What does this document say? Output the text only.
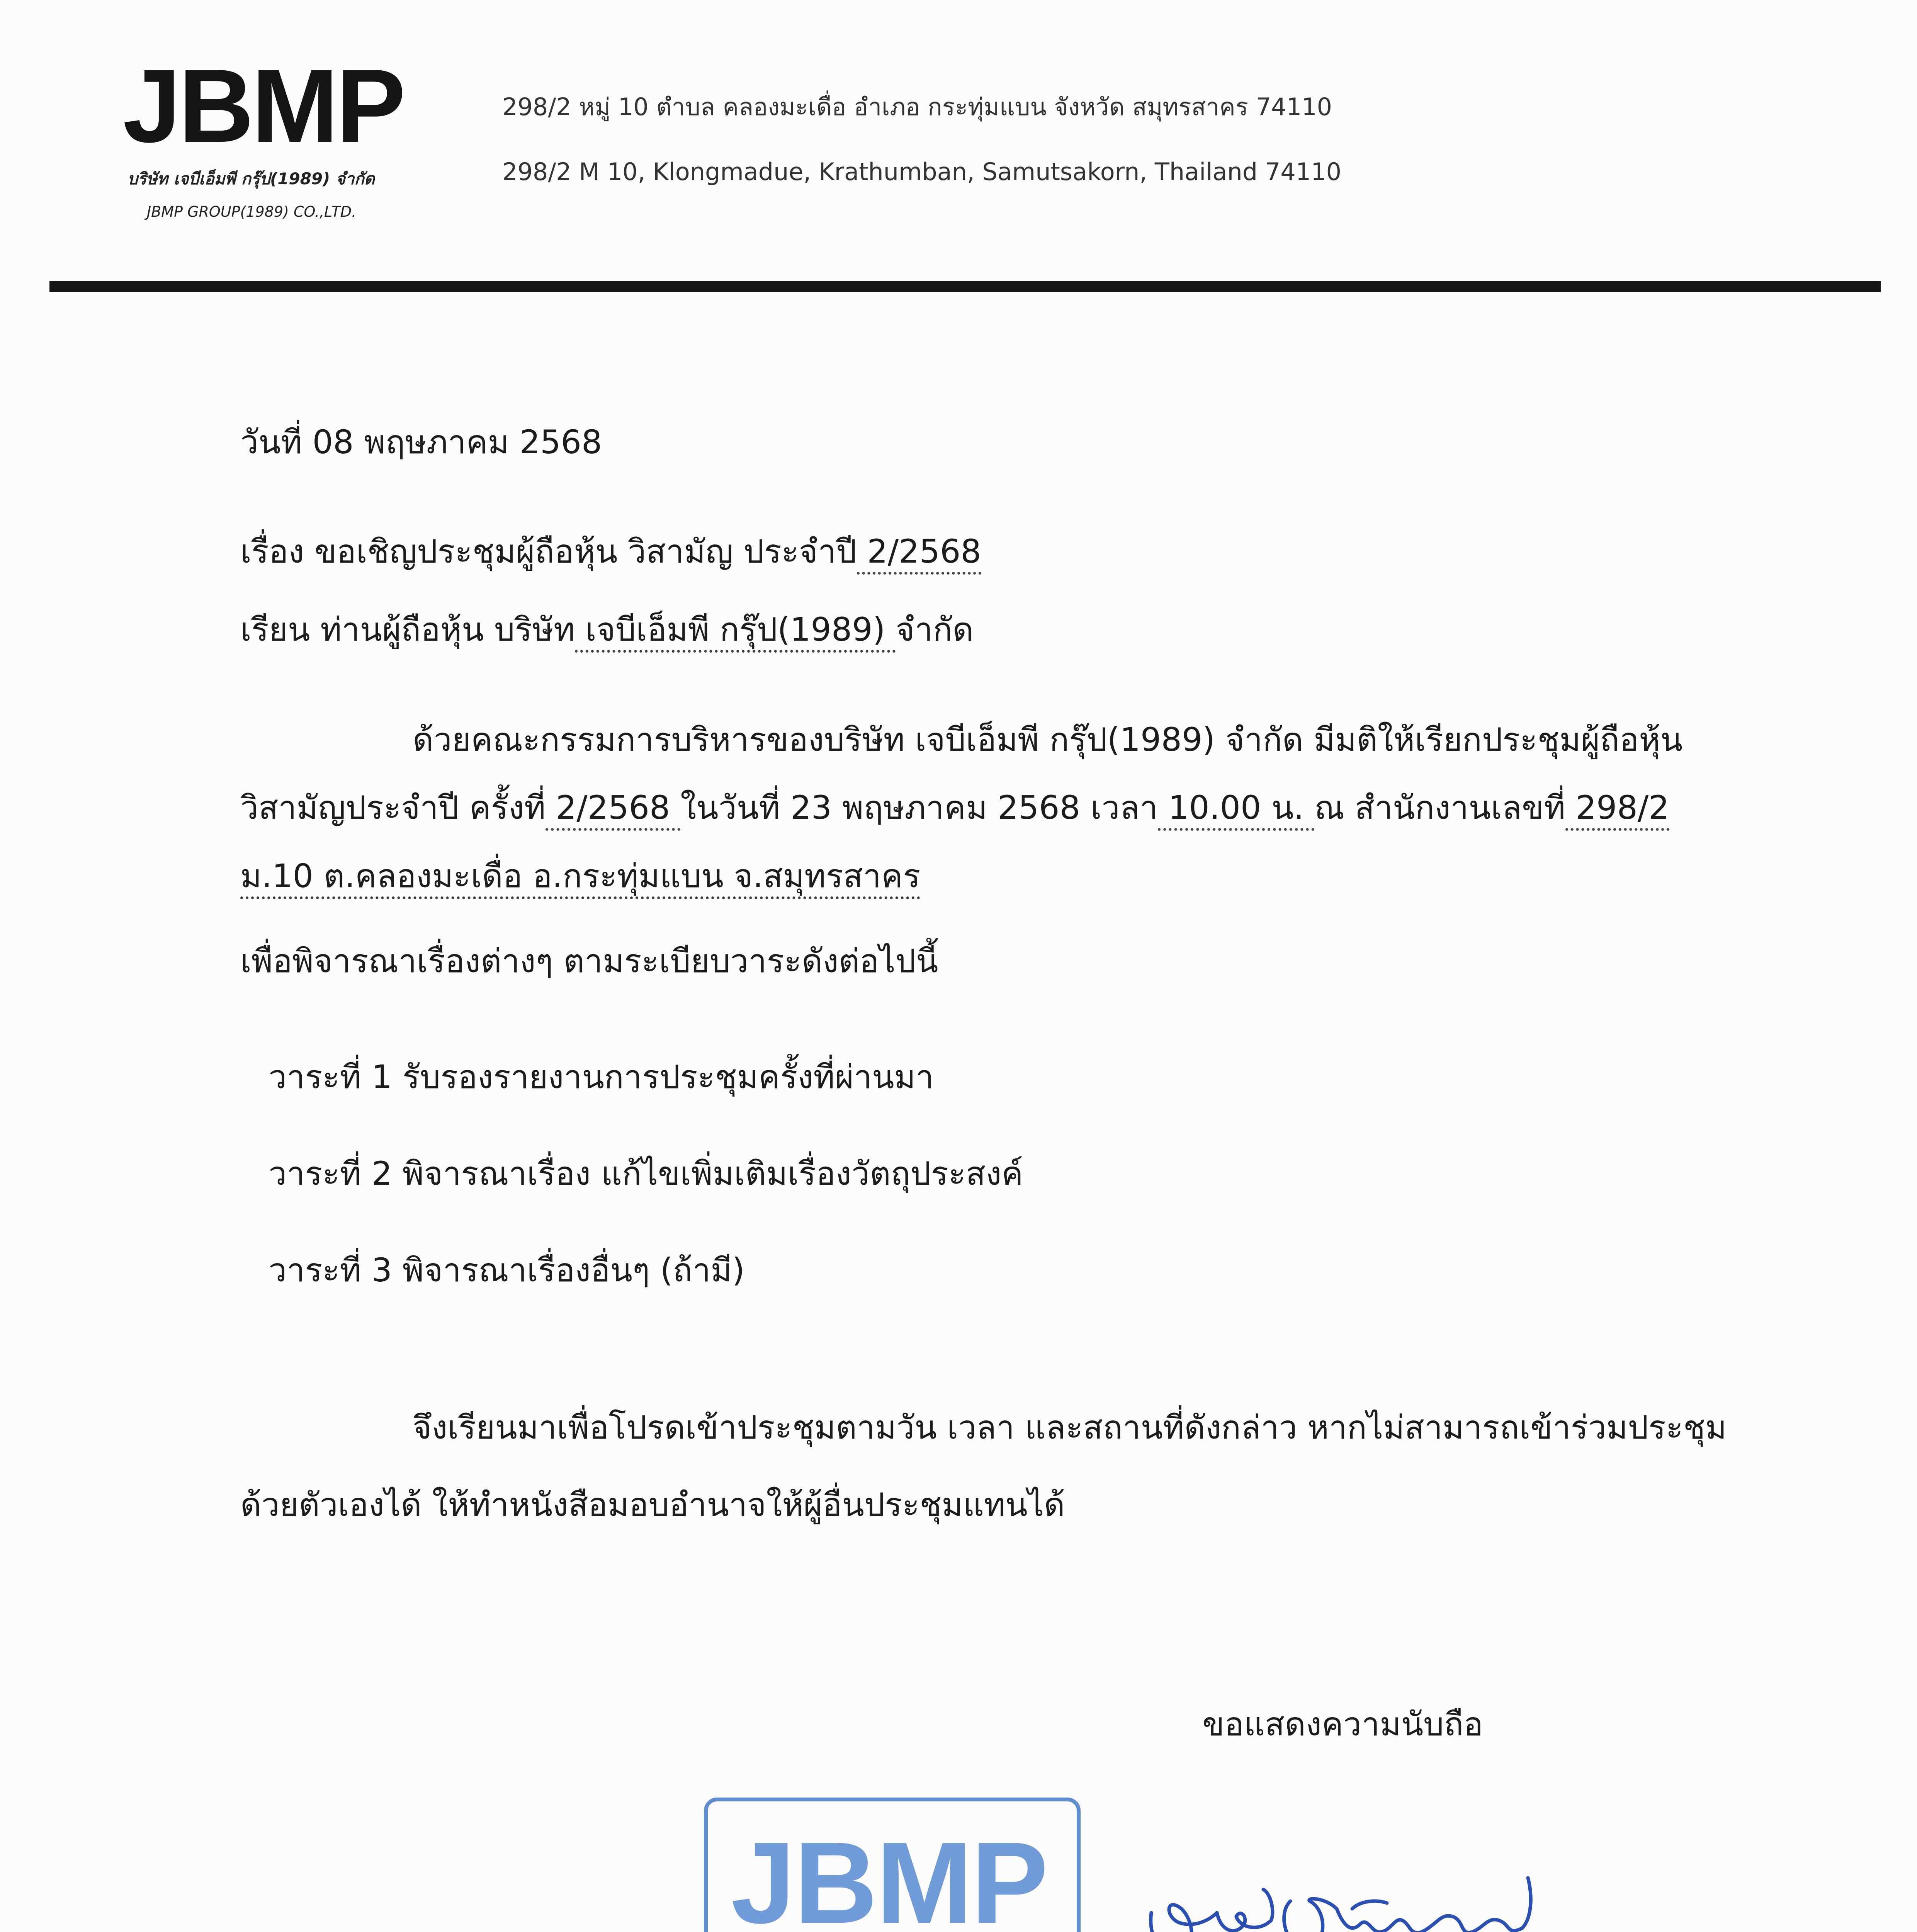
JBMP
บริษัท เจบีเอ็มพี กรุ๊ป(1989) จำกัด
JBMP GROUP(1989) CO.,LTD.
298/2 หมู่ 10 ตำบล คลองมะเดื่อ อำเภอ กระทุ่มแบน จังหวัด สมุทรสาคร 74110
298/2 M 10, Klongmadue, Krathumban, Samutsakorn, Thailand 74110
วันที่ 08 พฤษภาคม 2568
เรื่อง ขอเชิญประชุมผู้ถือหุ้น วิสามัญ ประจำปี 2/2568
เรียน ท่านผู้ถือหุ้น บริษัท เจบีเอ็มพี กรุ๊ป(1989) จำกัด
ด้วยคณะกรรมการบริหารของบริษัท เจบีเอ็มพี กรุ๊ป(1989) จำกัด มีมติให้เรียกประชุมผู้ถือหุ้น
วิสามัญประจำปี ครั้งที่ 2/2568 ในวันที่ 23 พฤษภาคม 2568 เวลา 10.00 น. ณ สำนักงานเลขที่ 298/2
ม.10 ต.คลองมะเดื่อ อ.กระทุ่มแบน จ.สมุทรสาคร
เพื่อพิจารณาเรื่องต่างๆ ตามระเบียบวาระดังต่อไปนี้
วาระที่ 1 รับรองรายงานการประชุมครั้งที่ผ่านมา
วาระที่ 2 พิจารณาเรื่อง แก้ไขเพิ่มเติมเรื่องวัตถุประสงค์
วาระที่ 3 พิจารณาเรื่องอื่นๆ (ถ้ามี)
จึงเรียนมาเพื่อโปรดเข้าประชุมตามวัน เวลา และสถานที่ดังกล่าว หากไม่สามารถเข้าร่วมประชุม
ด้วยตัวเองได้ ให้ทำหนังสือมอบอำนาจให้ผู้อื่นประชุมแทนได้
ขอแสดงความนับถือ
JBMP
